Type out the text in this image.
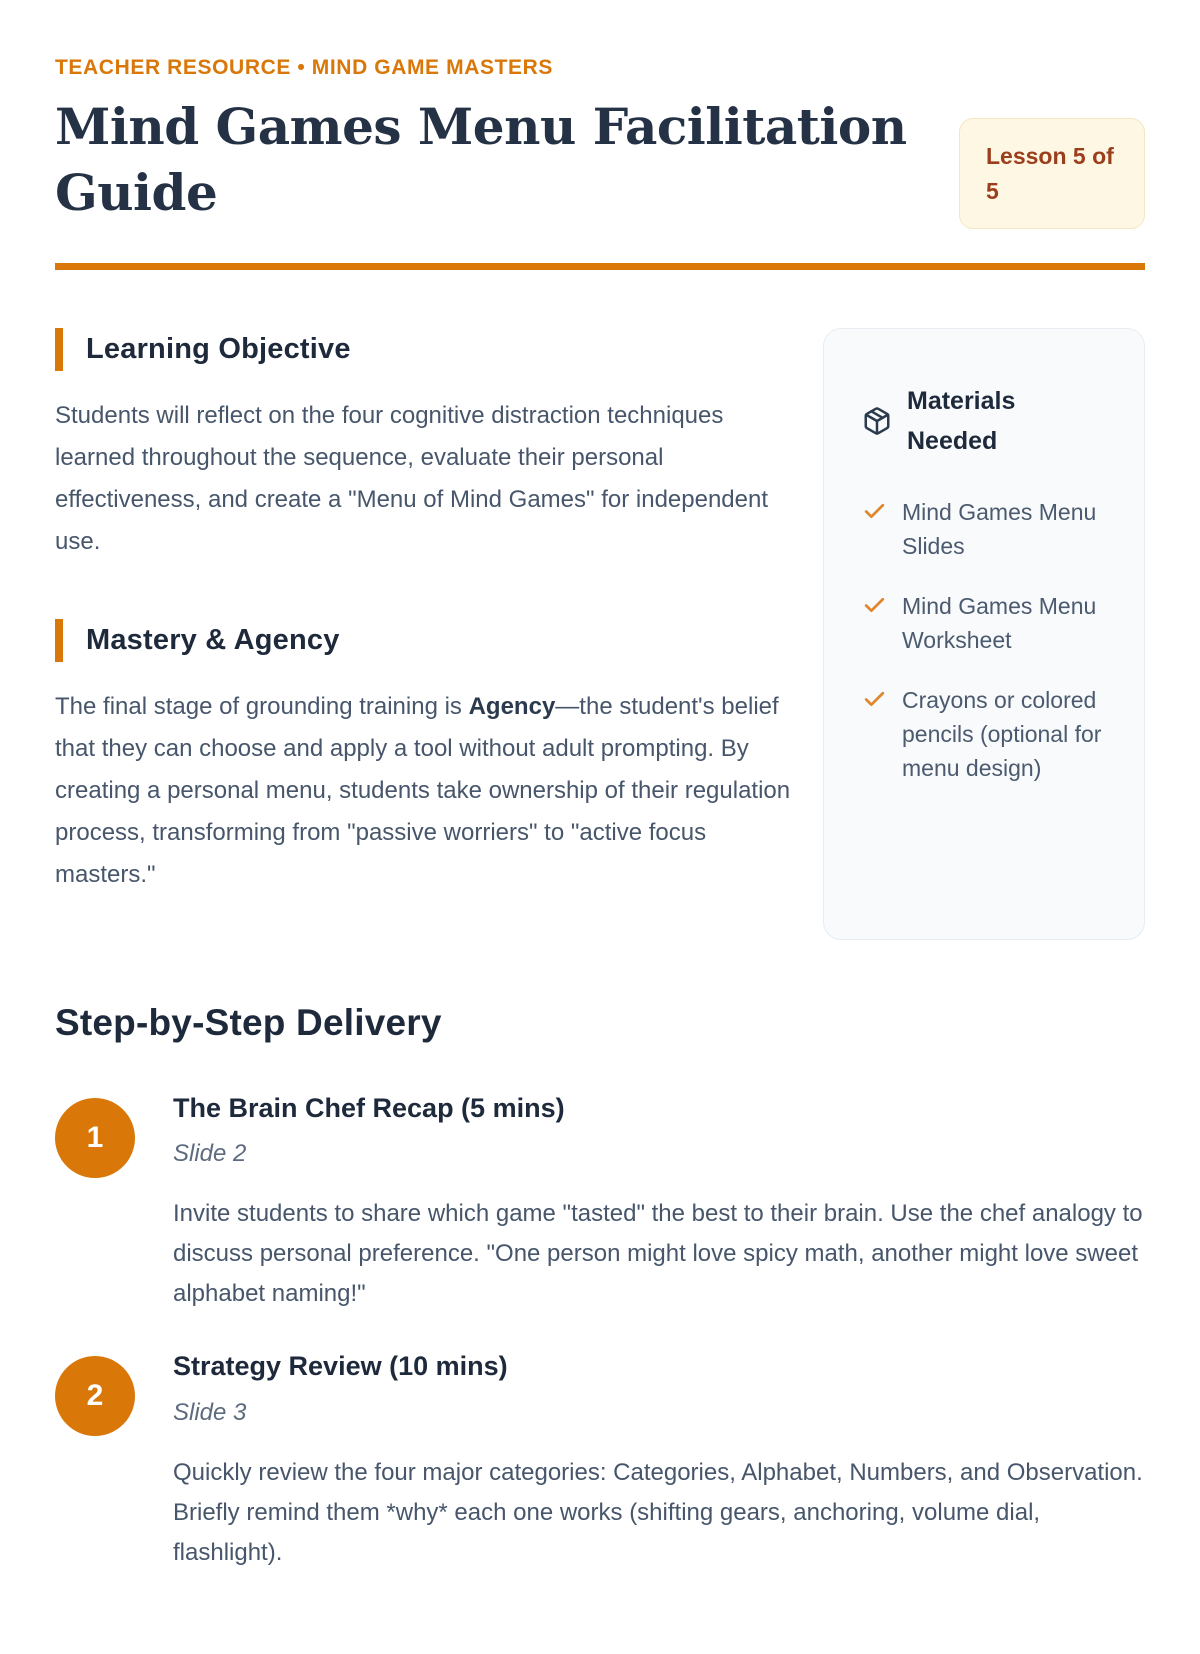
TEACHER RESOURCE • MIND GAME MASTERS
Mind Games Menu Facilitation Guide
Lesson 5 of 5
Learning Objective

Students will reflect on the four cognitive distraction techniques learned throughout the sequence, evaluate their personal effectiveness, and create a "Menu of Mind Games" for independent use.

Mastery & Agency

The final stage of grounding training is Agency—the student's belief that they can choose and apply a tool without adult prompting. By creating a personal menu, students take ownership of their regulation process, transforming from "passive worriers" to "active focus masters."

Materials Needed
Mind Games Menu Slides
Mind Games Menu Worksheet
Crayons or colored pencils (optional for menu design)
Step-by-Step Delivery
1
The Brain Chef Recap (5 mins)
Slide 2
Invite students to share which game "tasted" the best to their brain. Use the chef analogy to discuss personal preference. "One person might love spicy math, another might love sweet alphabet naming!"
2
Strategy Review (10 mins)
Slide 3
Quickly review the four major categories: Categories, Alphabet, Numbers, and Observation. Briefly remind them *why* each one works (shifting gears, anchoring, volume dial, flashlight).
